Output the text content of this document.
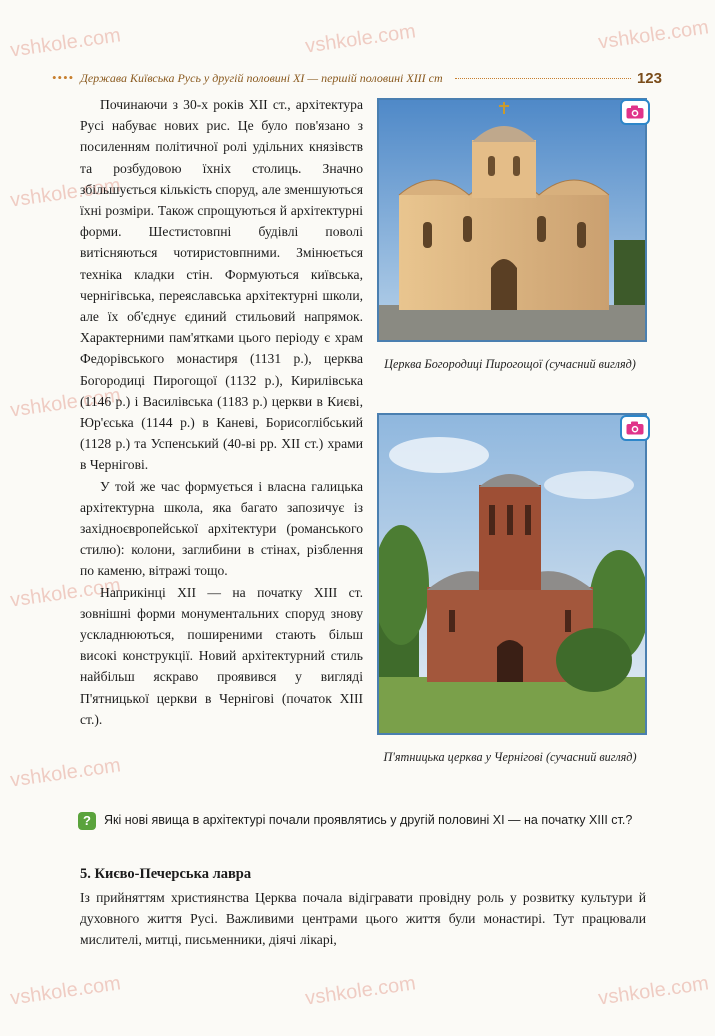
vshkole.com	vshkole.com	vshkole.com
vshkole.com
vshkole.com
vshkole.com
vshkole.com
vshkole.com	vshkole.com	vshkole.com
•••• Держава Київська Русь у другій половині XI — першій половині XIII ст	123

Починаючи з 30-х років XII ст., архітектура Русі набуває нових рис. Це було пов'язано з посиленням політичної ролі удільних князівств та розбудовою їхніх столиць. Значно збільшується кількість споруд, але зменшуються їхні розміри. Також спрощуються й архітектурні форми. Шестистовпні будівлі поволі витісняються чотиристовпними. Змінюється техніка кладки стін. Формуються київська, чернігівська, переяславська архітектурні школи, але їх об'єднує єдиний стильовий напрямок. Характерними пам'ятками цього періоду є храм Федорівського монастиря (1131 р.), церква Богородиці Пирогощої (1132 р.), Кирилівська (1146 р.) і Василівська (1183 р.) церкви в Києві, Юр'єська (1144 р.) в Каневі, Борисоглібський (1128 р.) та Успенський (40-ві рр. XII ст.) храми в Чернігові.

У той же час формується і власна галицька архітектурна школа, яка багато запозичує із західноєвропейської архітектури (романського стилю): колони, заглибини в стінах, різблення по каменю, вітражі тощо.

Наприкінці XII — на початку XIII ст. зовнішні форми монументальних споруд знову ускладнюються, поширеними стають більш високі конструкції. Новий архітектурний стиль найбільш яскраво проявився у вигляді П'ятницької церкви в Чернігові (початок XIII ст.).

Церква Богородиці Пирогощої (сучасний вигляд)
П'ятницька церква у Чернігові (сучасний вигляд)
?	Які нові явища в архітектурі почали проявлятись у другій половині XI — на початку XIII ст.?
5. Києво-Печерська лавра

Із прийняттям християнства Церква почала відігравати провідну роль у розвитку культури й духовного життя Русі. Важливими центрами цього життя були монастирі. Тут працювали мислителі, митці, письменники, діячі лікарі,
